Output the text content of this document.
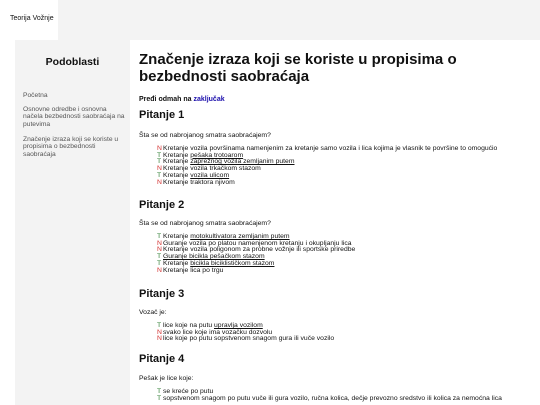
Teorija Vožnje
Podoblasti
Početna
Osnovne odredbe i osnovna načela bezbednosti saobraćaja na putevima
Značenje izraza koji se koriste u propisima o bezbednosti saobraćaja
Značenje izraza koji se koriste u propisima o bezbednosti saobraćaja
Pređi odmah na zaključak
Pitanje 1
Šta se od nabrojanog smatra saobraćajem?
NKretanje vozila površinama namenjenim za kretanje samo vozila i lica kojima je vlasnik te površine to omogućio
T Kretanje pešaka trotoarom
T Kretanje zaprežnog vozila zemljanim putem
NKretanje vozila trkačkom stazom
T Kretanje vozila ulicom
NKretanje traktora njivom
Pitanje 2
Šta se od nabrojanog smatra saobraćajem?
T Kretanje motokultivatora zemljanim putem
NGuranje vozila po platou namenjenom kretanju i okupljanju lica
NKretanje vozila poligonom za probne vožnje ili sportske priredbe
T Guranje bicikla pešačkom stazom
T Kretanje bicikla biciklističkom stazom
NKretanje lica po trgu
Pitanje 3
Vozač je:
T lice koje na putu upravlja vozilom
Nsvako lice koje ima vozačku dozvolu
Nlice koje po putu sopstvenom snagom gura ili vuče vozilo
Pitanje 4
Pešak je lice koje:
T se kreće po putu
T sopstvenom snagom po putu vuče ili gura vozilo, ručna kolica, dečje prevozno sredstvo ili kolica za nemoćna lica
